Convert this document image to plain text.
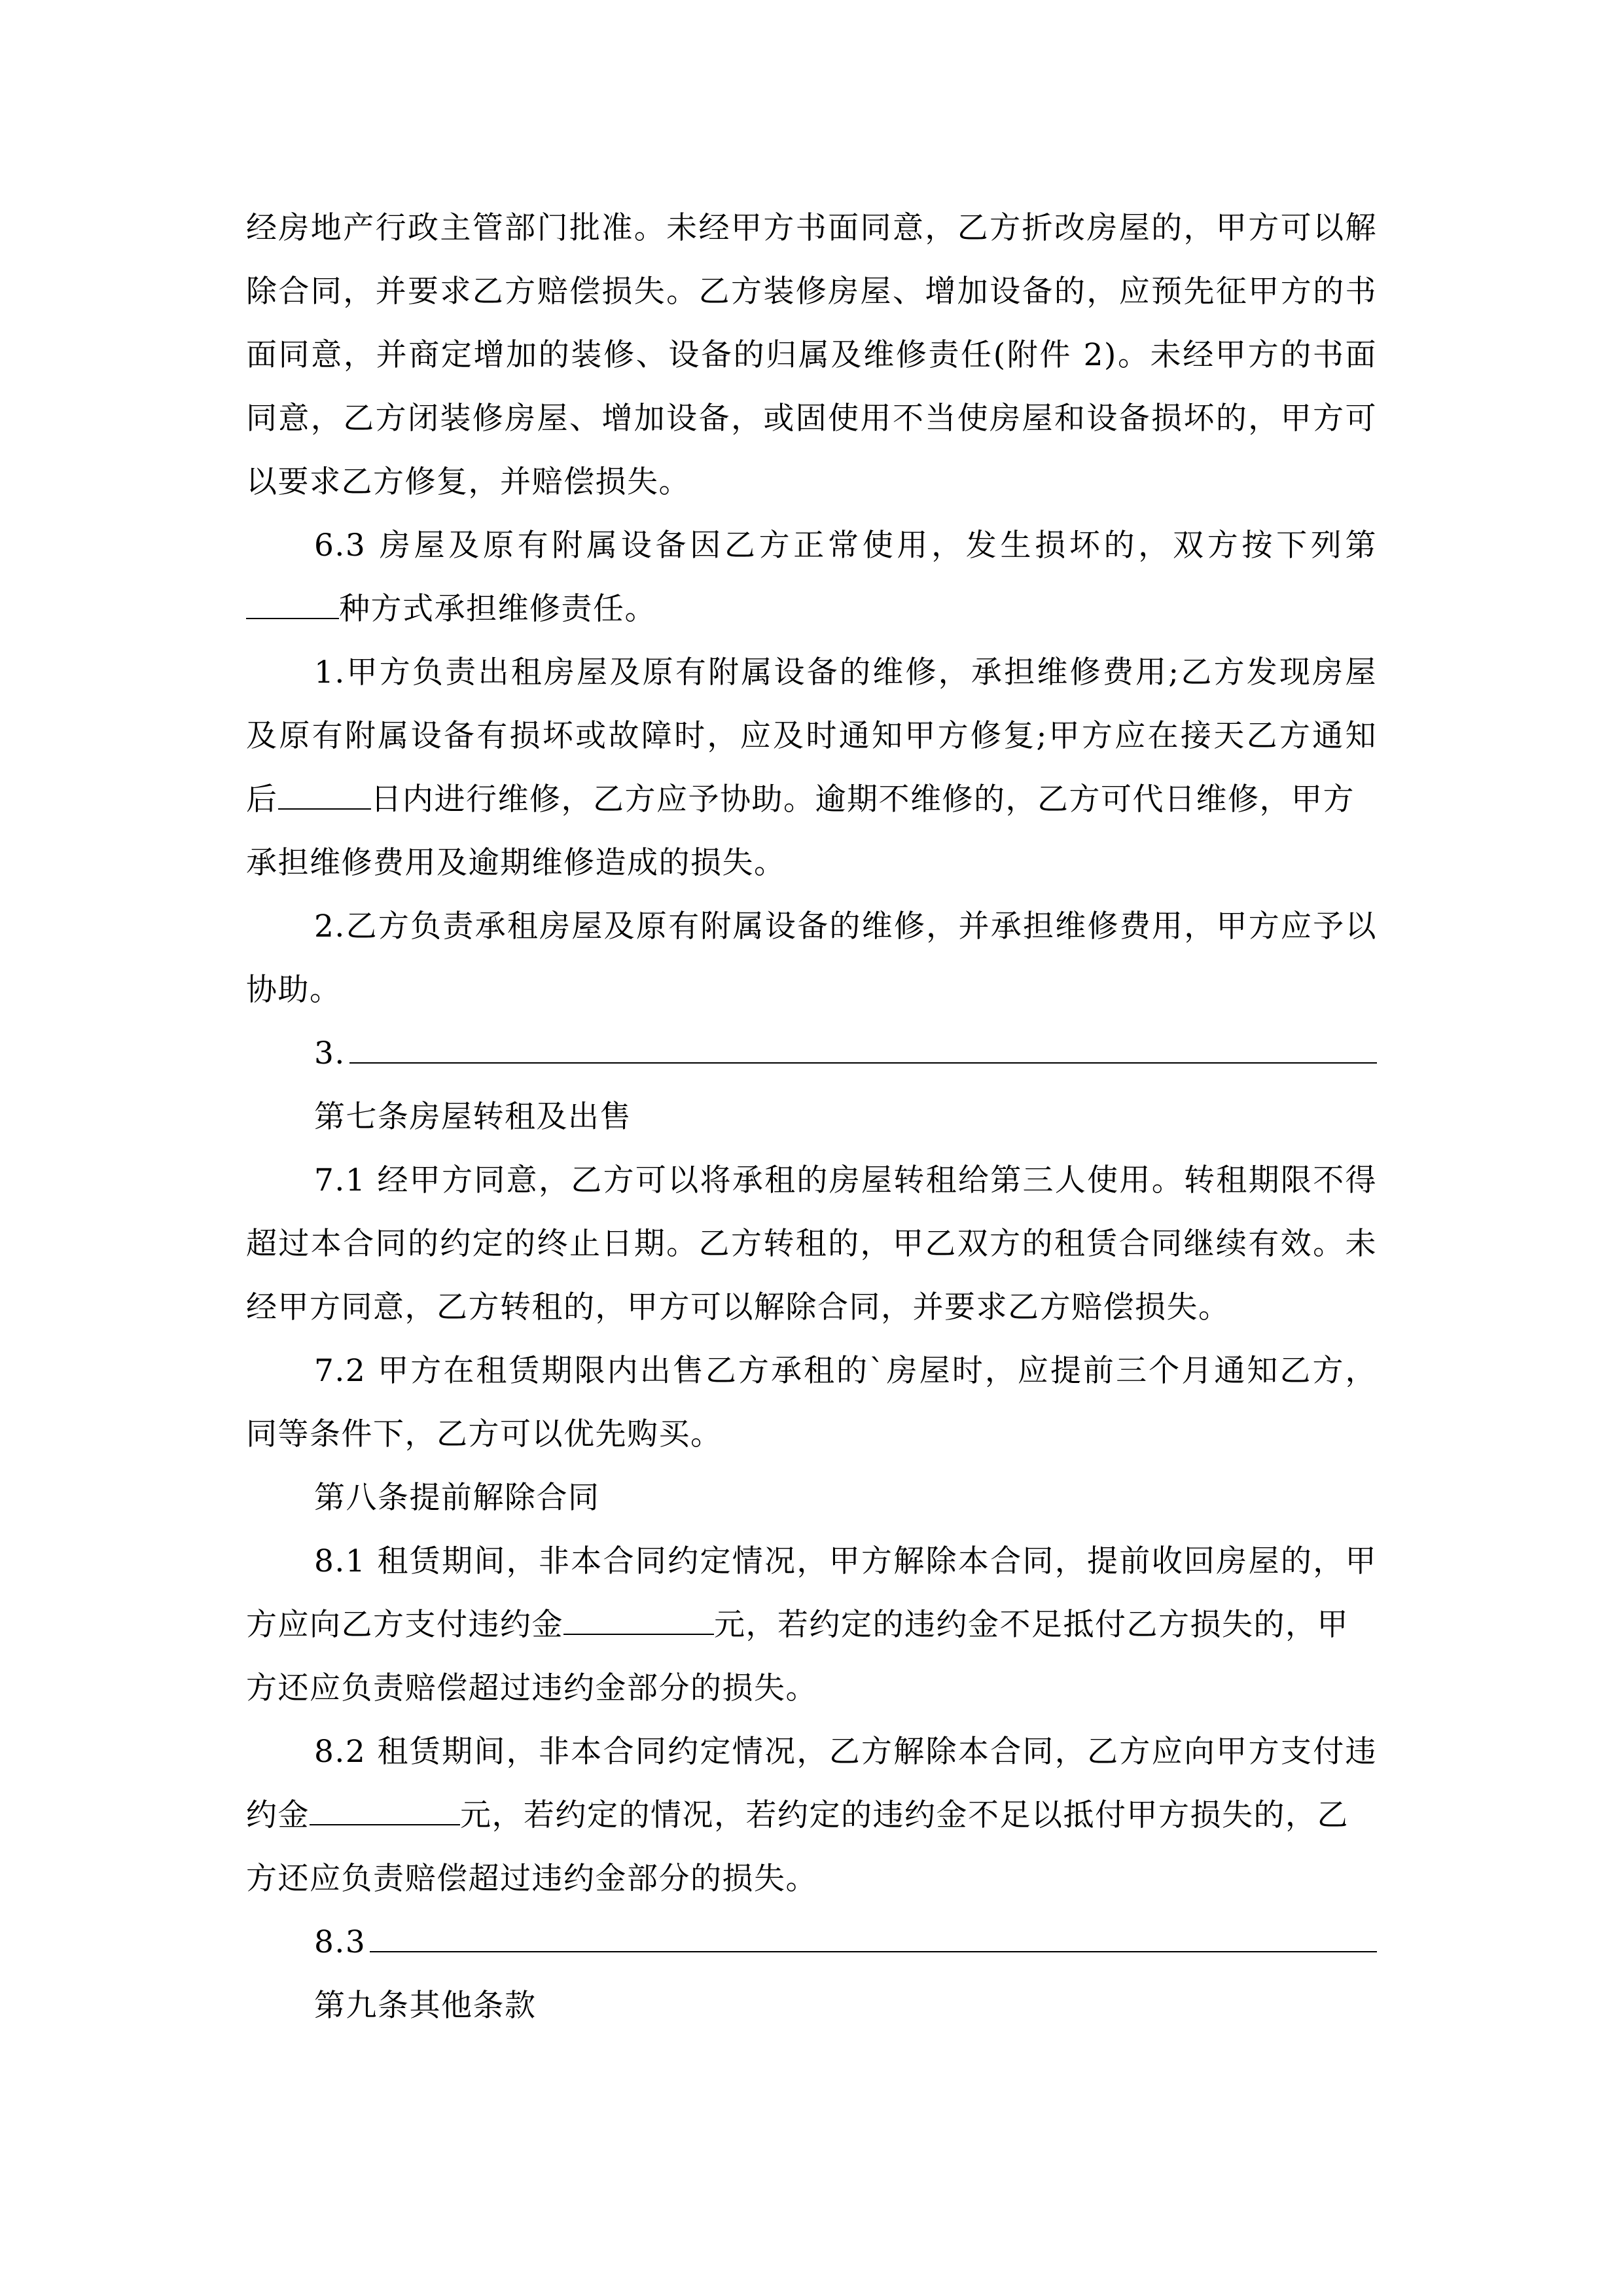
经房地产行政主管部门批准。未经甲方书面同意，乙方折改房屋的，甲方可以解
除合同，并要求乙方赔偿损失。乙方装修房屋、增加设备的，应预先征甲方的书
面同意，并商定增加的装修、设备的归属及维修责任(附件 2)。未经甲方的书面
同意，乙方闭装修房屋、增加设备，或固使用不当使房屋和设备损坏的，甲方可
以要求乙方修复，并赔偿损失。
6.3 房屋及原有附属设备因乙方正常使用，发生损坏的，双方按下列第
种方式承担维修责任。
1.甲方负责出租房屋及原有附属设备的维修，承担维修费用;乙方发现房屋
及原有附属设备有损坏或故障时，应及时通知甲方修复;甲方应在接天乙方通知
后	日内进行维修，乙方应予协助。逾期不维修的，乙方可代日维修，甲方
承担维修费用及逾期维修造成的损失。
2.乙方负责承租房屋及原有附属设备的维修，并承担维修费用，甲方应予以
协助。
3.
第七条房屋转租及出售
7.1 经甲方同意，乙方可以将承租的房屋转租给第三人使用。转租期限不得
超过本合同的约定的终止日期。乙方转租的，甲乙双方的租赁合同继续有效。未
经甲方同意，乙方转租的，甲方可以解除合同，并要求乙方赔偿损失。
7.2 甲方在租赁期限内出售乙方承租的`房屋时，应提前三个月通知乙方，
同等条件下，乙方可以优先购买。
第八条提前解除合同
8.1 租赁期间，非本合同约定情况，甲方解除本合同，提前收回房屋的，甲
方应向乙方支付违约金	元，若约定的违约金不足抵付乙方损失的，甲
方还应负责赔偿超过违约金部分的损失。
8.2 租赁期间，非本合同约定情况，乙方解除本合同，乙方应向甲方支付违
约金	元，若约定的情况，若约定的违约金不足以抵付甲方损失的，乙
方还应负责赔偿超过违约金部分的损失。
8.3
第九条其他条款
